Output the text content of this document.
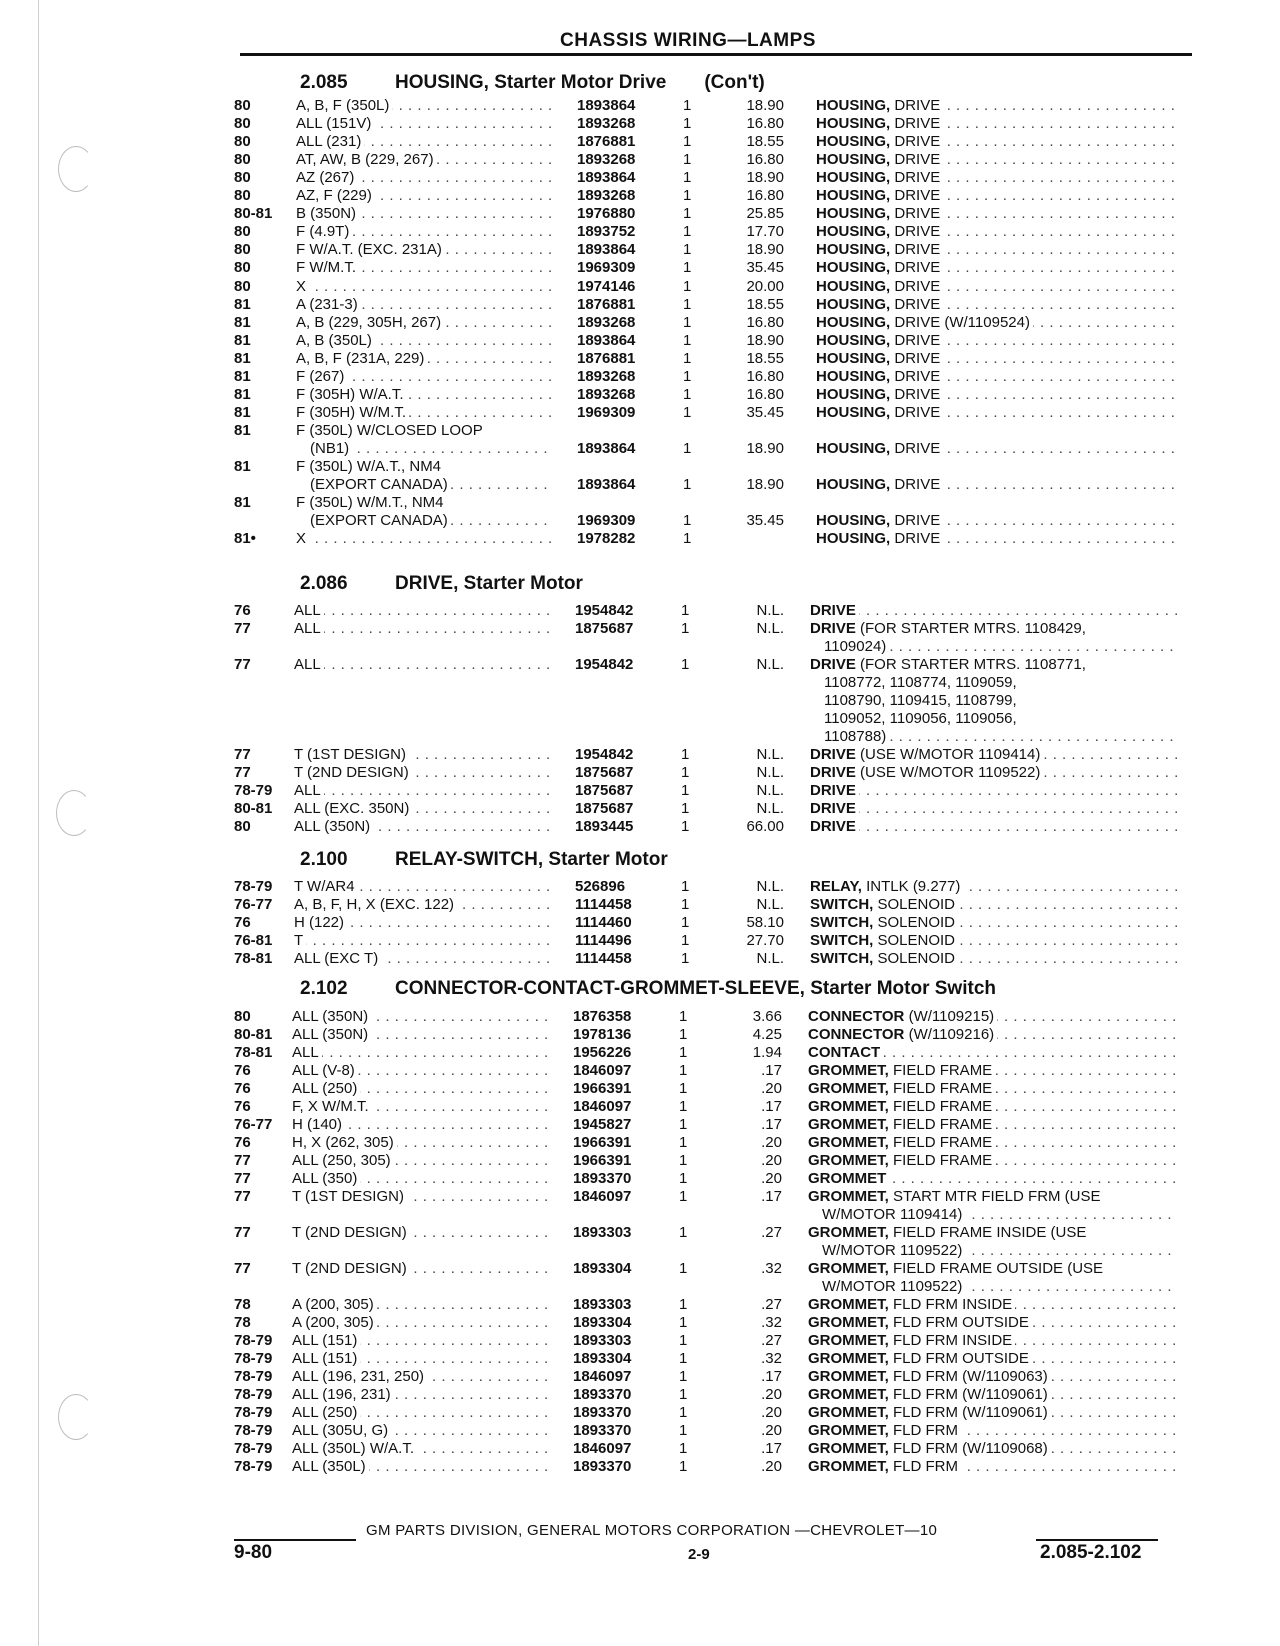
CHASSIS WIRING—LAMPS
2.085 HOUSING, Starter Motor Drive (Con't)
80	A, B, F (350L) . . .	1893864	1	18.90 HOUSING, DRIVE . . .
80	ALL (151V) . . .	1893268	1	16.80 HOUSING, DRIVE . . .
80	ALL (231) . . .	1876881	1	18.55 HOUSING, DRIVE . . .
80	AT, AW, B (229, 267) . . .	1893268	1	16.80 HOUSING, DRIVE . . .
80	AZ (267) . . .	1893864	1	18.90 HOUSING, DRIVE . . .
80	AZ, F (229) . . .	1893268	1	16.80 HOUSING, DRIVE . . .
80-81 B (350N) . . .	1976880	1	25.85 HOUSING, DRIVE . . .
80	F (4.9T) . . .	1893752	1	17.70 HOUSING, DRIVE . . .
80	F W/A.T. (EXC. 231A) . . .	1893864	1	18.90 HOUSING, DRIVE . . .
80	F W/M.T. . . .	1969309	1	35.45 HOUSING, DRIVE . . .
80	X . . .	1974146	1	20.00 HOUSING, DRIVE . . .
81	A (231-3) . . .	1876881	1	18.55 HOUSING, DRIVE . . .
81	A, B (229, 305H, 267) . . .	1893268	1	16.80 HOUSING, DRIVE (W/1109524) . . .
81	A, B (350L) . . .	1893864	1	18.90 HOUSING, DRIVE . . .
81	A, B, F (231A, 229) . . .	1876881	1	18.55 HOUSING, DRIVE . . .
81	F (267) . . .	1893268	1	16.80 HOUSING, DRIVE . . .
81	F (305H) W/A.T. . . .	1893268	1	16.80 HOUSING, DRIVE . . .
81	F (305H) W/M.T. . . .	1969309	1	35.45 HOUSING, DRIVE . . .
81	F (350L) W/CLOSED LOOP
(NB1) . . .	1893864	1	18.90 HOUSING, DRIVE . . .
81	F (350L) W/A.T., NM4
(EXPORT CANADA) . . .	1893864	1	18.90 HOUSING, DRIVE . . .
81	F (350L) W/M.T., NM4
(EXPORT CANADA) . . .	1969309	1	35.45 HOUSING, DRIVE . . .
81•	X . . .	1978282	1	HOUSING, DRIVE . . .
2.086 DRIVE, Starter Motor
76	ALL . . .	1954842	1	N.L. DRIVE . . .
77	ALL . . .	1875687	1	N.L. DRIVE (FOR STARTER MTRS. 1108429,
1109024) . . .
77	ALL . . .	1954842	1	N.L. DRIVE (FOR STARTER MTRS. 1108771,
1108772, 1108774, 1109059,
1108790, 1109415, 1108799,
1109052, 1109056, 1109056,
1108788) . . .
77	T (1ST DESIGN) . . .	1954842	1	N.L. DRIVE (USE W/MOTOR 1109414) . . .
77	T (2ND DESIGN) . . .	1875687	1	N.L. DRIVE (USE W/MOTOR 1109522) . . .
78-79 ALL . . .	1875687	1	N.L. DRIVE . . .
80-81 ALL (EXC. 350N) . . .	1875687	1	N.L. DRIVE . . .
80	ALL (350N) . . .	1893445	1	66.00 DRIVE . . .
2.100 RELAY-SWITCH, Starter Motor
78-79 T W/AR4 . . .	526896	1	N.L. RELAY, INTLK (9.277) . . .
76-77 A, B, F, H, X (EXC. 122) . . .	1114458	1	N.L. SWITCH, SOLENOID . . .
76	H (122) . . .	1114460	1	58.10 SWITCH, SOLENOID . . .
76-81 T . . .	1114496	1	27.70 SWITCH, SOLENOID . . .
78-81 ALL (EXC T) . . .	1114458	1	N.L. SWITCH, SOLENOID . . .
2.102 CONNECTOR-CONTACT-GROMMET-SLEEVE, Starter Motor Switch
80	ALL (350N) . . .	1876358	1	3.66 CONNECTOR (W/1109215) . . .
80-81 ALL (350N) . . .	1978136	1	4.25 CONNECTOR (W/1109216) . . .
78-81 ALL . . .	1956226	1	1.94 CONTACT . . .
76	ALL (V-8) . . .	1846097	1	.17 GROMMET, FIELD FRAME . . .
76	ALL (250) . . .	1966391	1	.20 GROMMET, FIELD FRAME . . .
76	F, X W/M.T. . . .	1846097	1	.17 GROMMET, FIELD FRAME . . .
76-77 H (140) . . .	1945827	1	.17 GROMMET, FIELD FRAME . . .
76	H, X (262, 305) . . .	1966391	1	.20 GROMMET, FIELD FRAME . . .
77	ALL (250, 305) . . .	1966391	1	.20 GROMMET, FIELD FRAME . . .
77	ALL (350) . . .	1893370	1	.20 GROMMET . . .
77	T (1ST DESIGN) . . .	1846097	1	.17 GROMMET, START MTR FIELD FRM (USE
W/MOTOR 1109414) . . .
77	T (2ND DESIGN) . . .	1893303	1	.27 GROMMET, FIELD FRAME INSIDE (USE
W/MOTOR 1109522) . . .
77	T (2ND DESIGN) . . .	1893304	1	.32 GROMMET, FIELD FRAME OUTSIDE (USE
W/MOTOR 1109522) . . .
78	A (200, 305) . . .	1893303	1	.27 GROMMET, FLD FRM INSIDE . . .
78	A (200, 305) . . .	1893304	1	.32 GROMMET, FLD FRM OUTSIDE . . .
78-79 ALL (151) . . .	1893303	1	.27 GROMMET, FLD FRM INSIDE . . .
78-79 ALL (151) . . .	1893304	1	.32 GROMMET, FLD FRM OUTSIDE . . .
78-79 ALL (196, 231, 250) . . .	1846097	1	.17 GROMMET, FLD FRM (W/1109063) . . .
78-79 ALL (196, 231) . . .	1893370	1	.20 GROMMET, FLD FRM (W/1109061) . . .
78-79 ALL (250) . . .	1893370	1	.20 GROMMET, FLD FRM (W/1109061) . . .
78-79 ALL (305U, G) . . .	1893370	1	.20 GROMMET, FLD FRM . . .
78-79 ALL (350L) W/A.T. . . .	1846097	1	.17 GROMMET, FLD FRM (W/1109068) . . .
78-79 ALL (350L) . . .	1893370	1	.20 GROMMET, FLD FRM . . .
GM PARTS DIVISION, GENERAL MOTORS CORPORATION —CHEVROLET—10
9-80	2-9	2.085-2.102
